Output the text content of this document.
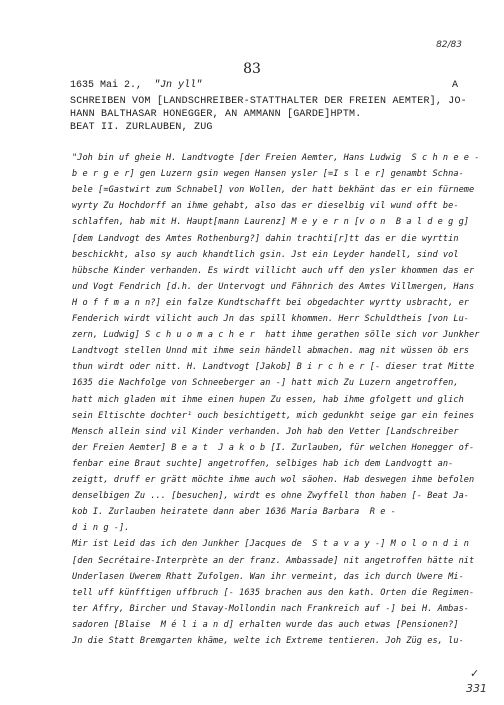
82/83
83
1635 Mai 2., "Jn yll"	A
SCHREIBEN VOM [LANDSCHREIBER-STATTHALTER DER FREIEN AEMTER], JO-
HANN BALTHASAR HONEGGER, AN AMMANN [GARDE]HPTM.
BEAT II. ZURLAUBEN, ZUG
"Joh bin uf gheie H. Landtvogte [der Freien Aemter, Hans Ludwig  S c h n e e -
b e r g e r] gen Luzern gsin wegen Hansen ysler [=I s l e r] genambt Schna-
bele [=Gastwirt zum Schnabel] von Wollen, der hatt bekhänt das er ein fürneme
wyrty Zu Hochdorff an ihme gehabt, also das er dieselbig vil wund offt be-
schlaffen, hab mit H. Haupt[mann Laurenz] M e y e r n [v o n  B a l d e g g]
[dem Landvogt des Amtes Rothenburg?] dahin trachti[r]tt das er die wyrttin
beschickht, also sy auch khandtlich gsin. Jst ein Leyder handell, sind vol
hübsche Kinder verhanden. Es wirdt villicht auch uff den ysler khommen das er
und Vogt Fendrich [d.h. der Untervogt und Fähnrich des Amtes Villmergen, Hans
H o f f m a n n?] ein falze Kundtschafft bei obgedachter wyrtty usbracht, er
Fenderich wirdt vilicht auch Jn das spill khommen. Herr Schuldtheis [von Lu-
zern, Ludwig] S c h u o m a c h e r  hatt ihme gerathen sölle sich vor Junkher
Landtvogt stellen Unnd mit ihme sein händell abmachen. mag nit wüssen öb ers
thun wirdt oder nitt. H. Landtvogt [Jakob] B i r c h e r [- dieser trat Mitte
1635 die Nachfolge von Schneeberger an -] hatt mich Zu Luzern angetroffen,
hatt mich gladen mit ihme einen hupen Zu essen, hab ihme gfolgett und glich
sein Eltischte dochter¹ ouch besichtigett, mich gedunkht seige gar ein feines
Mensch allein sind vil Kinder verhanden. Joh hab den Vetter [Landschreiber
der Freien Aemter] B e a t  J a k o b [I. Zurlauben, für welchen Honegger of-
fenbar eine Braut suchte] angetroffen, selbiges hab ich dem Landvogtt an-
zeigtt, druff er grätt möchte ihme auch wol säohen. Hab deswegen ihme befolen
denselbigen Zu ... [besuchen], wirdt es ohne Zwyffell thon haben [- Beat Ja-
kob I. Zurlauben heiratete dann aber 1636 Maria Barbara  R e -
d i n g -].
Mir ist Leid das ich den Junkher [Jacques de  S t a v a y -] M o l o n d i n
[den Secrétaire-Interprète an der franz. Ambassade] nit angetroffen hätte nit
Underlasen Uwerem Rhatt Zufolgen. Wan ihr vermeint, das ich durch Uwere Mi-
tell uff künfftigen uffbruch [- 1635 brachen aus den kath. Orten die Regimen-
ter Affry, Bircher und Stavay-Mollondin nach Frankreich auf -] bei H. Ambas-
sadoren [Blaise  M é l i a n d] erhalten wurde das auch etwas [Pensionen?]
Jn die Statt Bremgarten khäme, welte ich Extreme tentieren. Joh Züg es, lu-
✓
331
